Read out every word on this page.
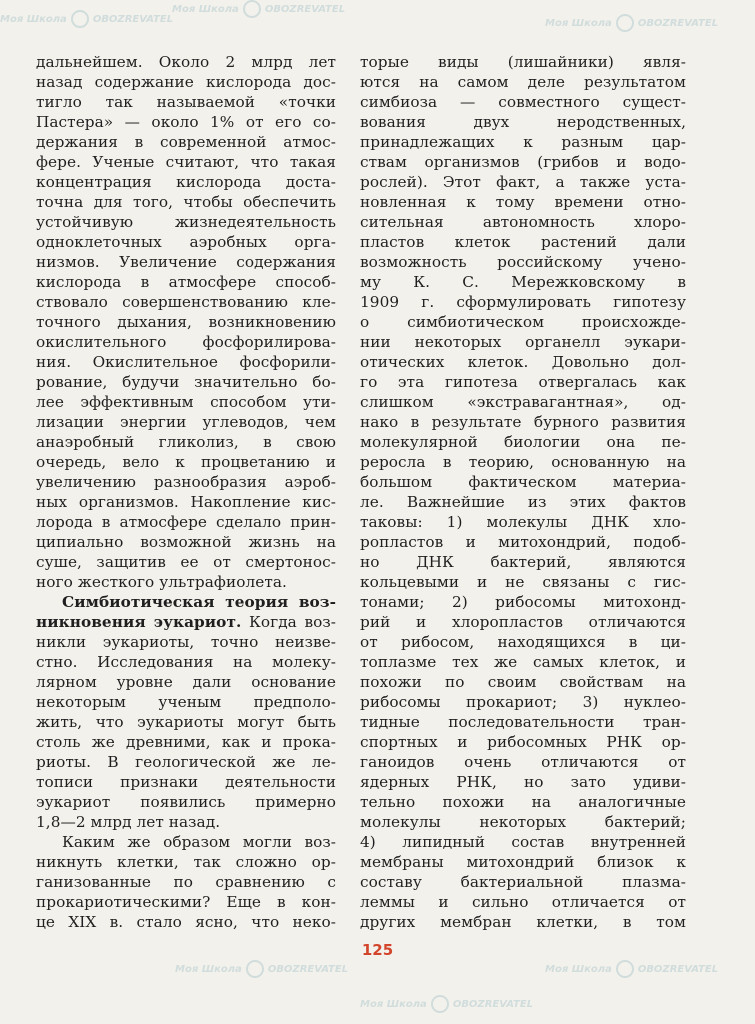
Моя Школа	OBOZREVATEL
Моя Школа	OBOZREVATEL
Моя Школа	OBOZREVATEL
Моя Школа	OBOZREVATEL	Моя Школа	OBOZREVATEL
Моя Школа	OBOZREVATEL
дальнейшем. Около 2 млрд лет
назад содержание кислорода дос-
тигло так называемой «точки
Пастера» — около 1% от его со-
держания в современной атмос-
фере. Ученые считают, что такая
концентрация кислорода доста-
точна для того, чтобы обеспечить
устойчивую жизнедеятельность
одноклеточных аэробных орга-
низмов. Увеличение содержания
кислорода в атмосфере способ-
ствовало совершенствованию кле-
точного дыхания, возникновению
окислительного фосфорилирова-
ния. Окислительное фосфорили-
рование, будучи значительно бо-
лее эффективным способом ути-
лизации энергии углеводов, чем
анаэробный гликолиз, в свою
очередь, вело к процветанию и
увеличению разнообразия аэроб-
ных организмов. Накопление кис-
лорода в атмосфере сделало прин-
ципиально возможной жизнь на
суше, защитив ее от смертонос-
ного жесткого ультрафиолета.
Симбиотическая теория воз-
никновения эукариот. Когда воз-
никли эукариоты, точно неизве-
стно. Исследования на молеку-
лярном уровне дали основание
некоторым ученым предполо-
жить, что эукариоты могут быть
столь же древними, как и прока-
риоты. В геологической же ле-
тописи признаки деятельности
эукариот появились примерно
1,8—2 млрд лет назад.
Каким же образом могли воз-
никнуть клетки, так сложно ор-
ганизованные по сравнению с
прокариотическими? Еще в кон-
це XIX в. стало ясно, что неко-
торые виды (лишайники) явля-
ются на самом деле результатом
симбиоза — совместного сущест-
вования двух неродственных,
принадлежащих к разным цар-
ствам организмов (грибов и водо-
рослей). Этот факт, а также уста-
новленная к тому времени отно-
сительная автономность хлоро-
пластов клеток растений дали
возможность российскому учено-
му К. С. Мережковскому в
1909 г. сформулировать гипотезу
о симбиотическом происхожде-
нии некоторых органелл эукари-
отических клеток. Довольно дол-
го эта гипотеза отвергалась как
слишком «экстравагантная», од-
нако в результате бурного развития
молекулярной биологии она пе-
реросла в теорию, основанную на
большом фактическом материа-
ле. Важнейшие из этих фактов
таковы: 1) молекулы ДНК хло-
ропластов и митохондрий, подоб-
но ДНК бактерий, являются
кольцевыми и не связаны с гис-
тонами; 2) рибосомы митохонд-
рий и хлоропластов отличаются
от рибосом, находящихся в ци-
топлазме тех же самых клеток, и
похожи по своим свойствам на
рибосомы прокариот; 3) нуклео-
тидные последовательности тран-
спортных и рибосомных РНК ор-
ганоидов очень отличаются от
ядерных РНК, но зато удиви-
тельно похожи на аналогичные
молекулы некоторых бактерий;
4) липидный состав внутренней
мембраны митохондрий близок к
составу бактериальной плазма-
леммы и сильно отличается от
других мембран клетки, в том
125
